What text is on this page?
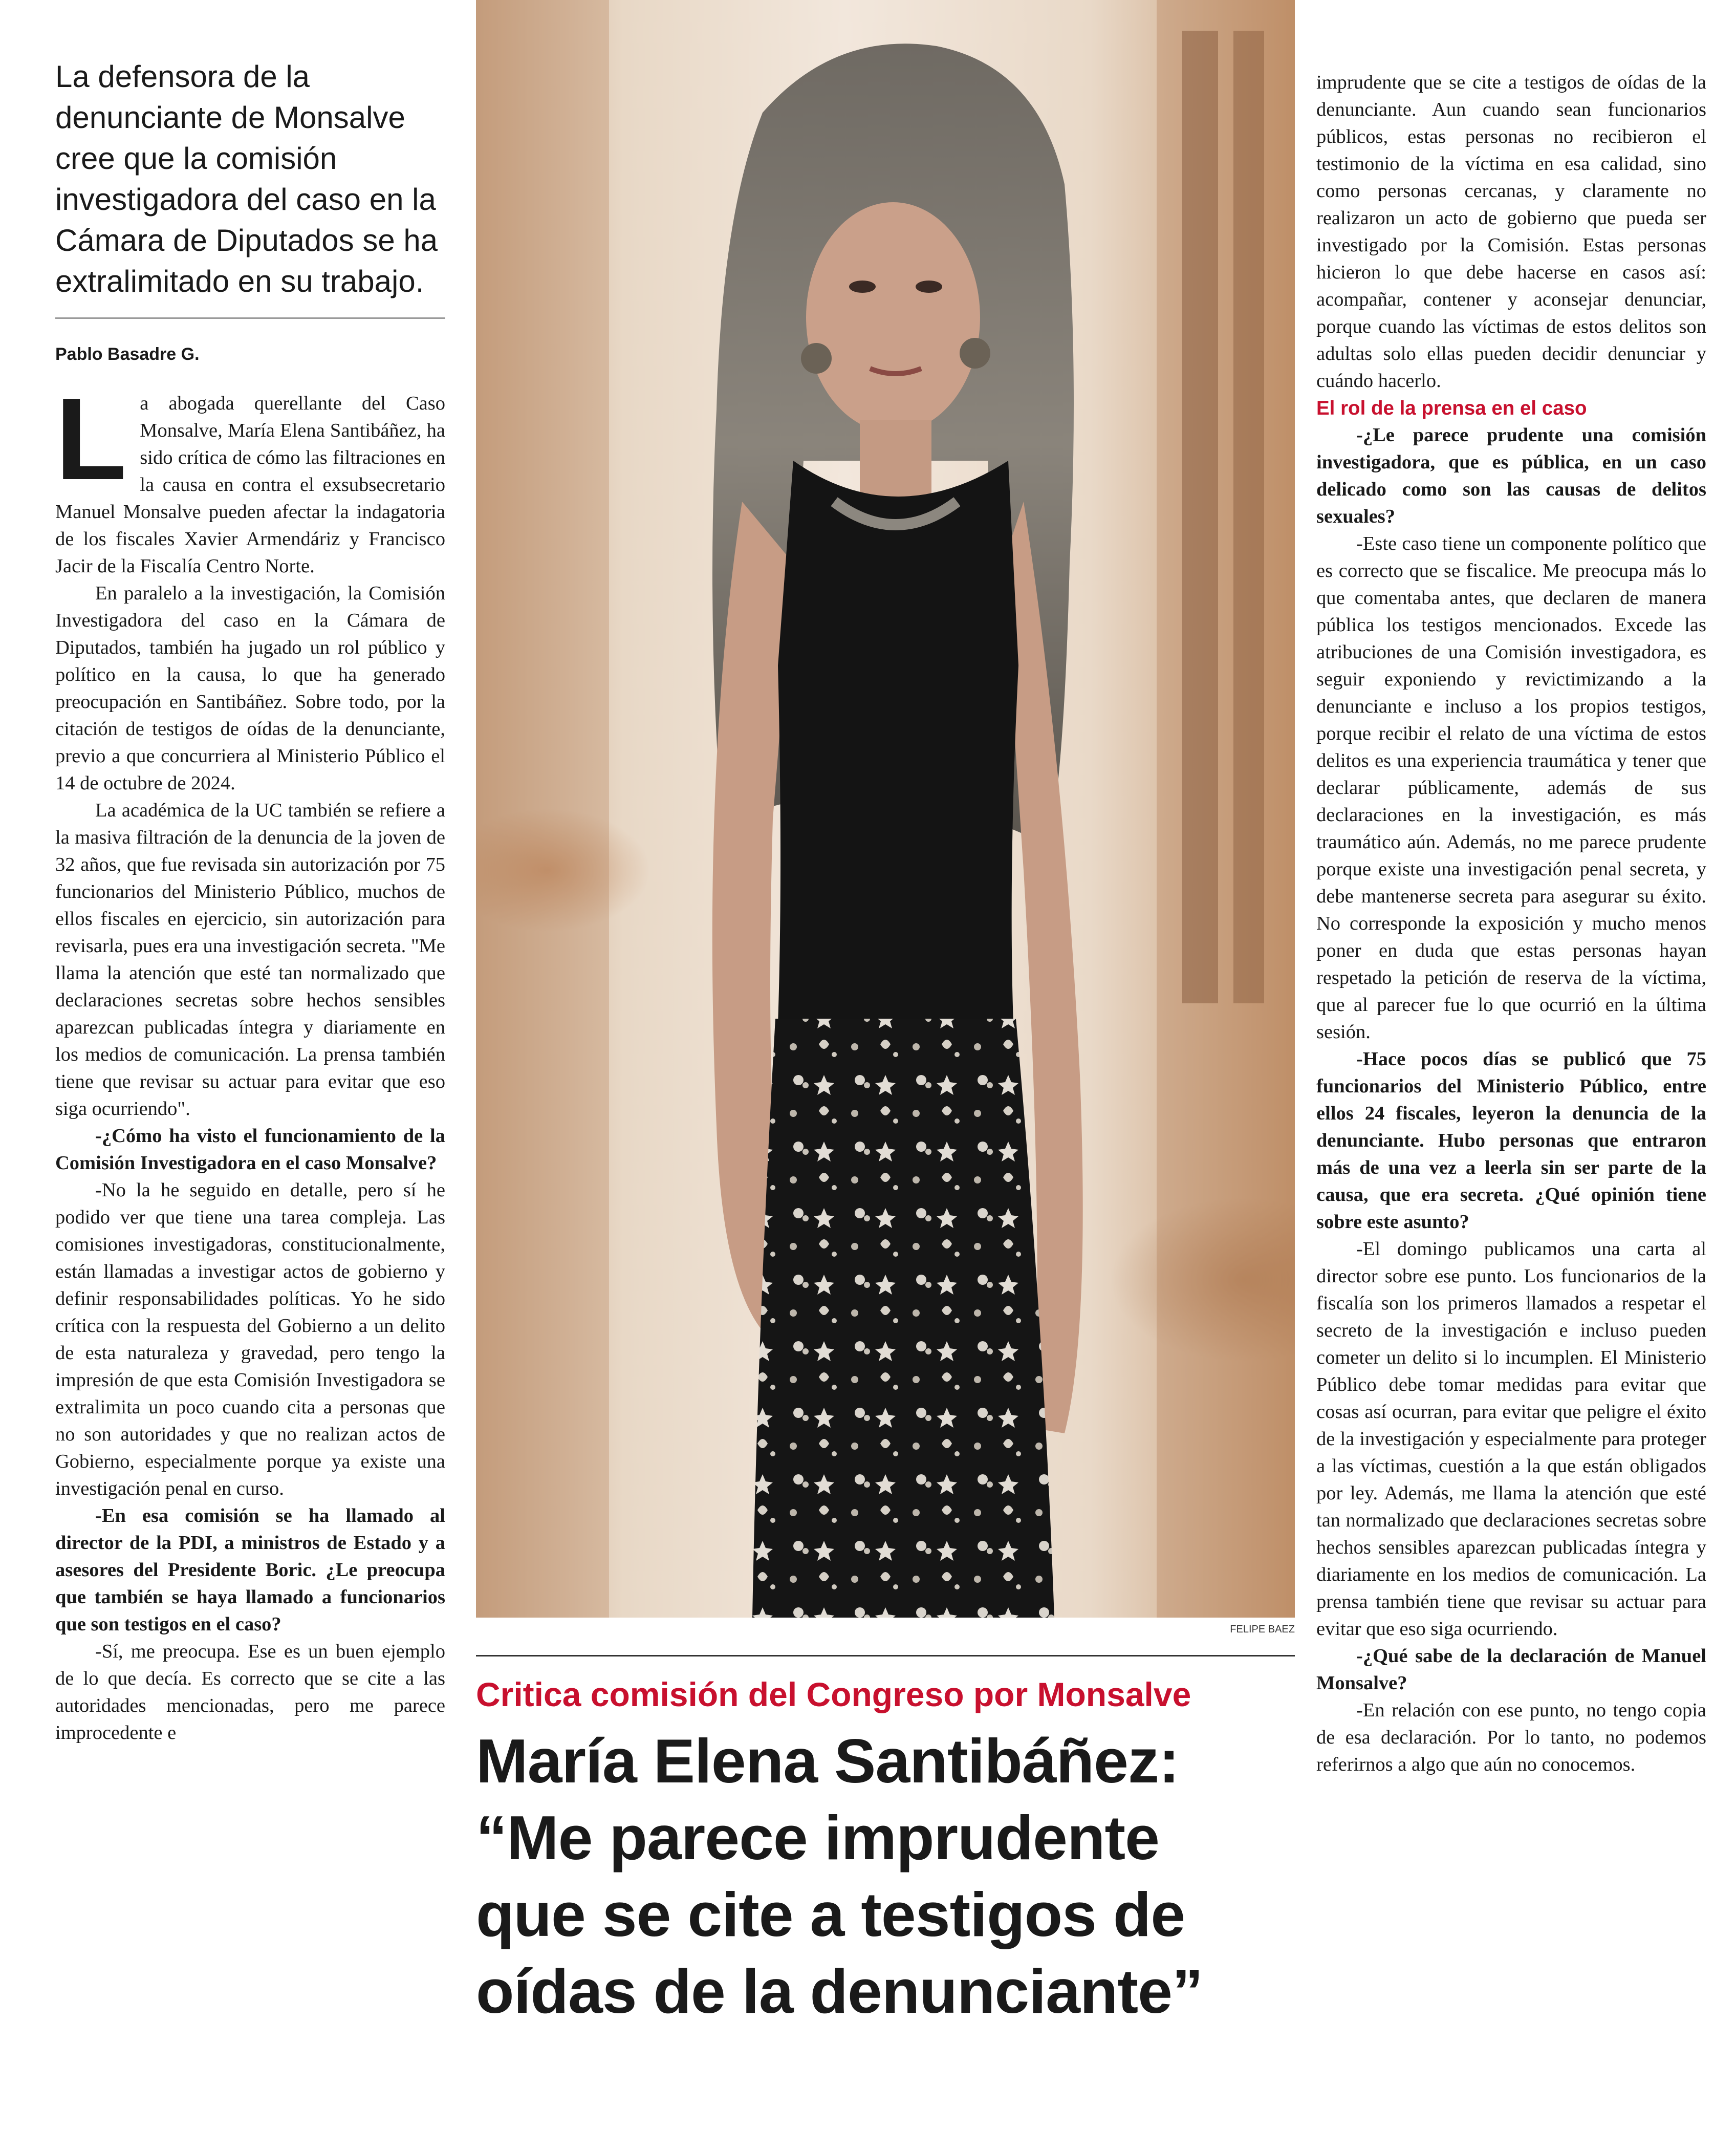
La defensora de la denunciante de Monsalve cree que la comisión investigadora del caso en la Cámara de Diputados se ha extralimitado en su trabajo.

Pablo Basadre G.

La abogada querellante del Caso Monsalve, María Elena Santibáñez, ha sido crítica de cómo las filtraciones en la causa en contra el exsubsecretario Manuel Monsalve pueden afectar la indagatoria de los fiscales Xavier Armendáriz y Francisco Jacir de la Fiscalía Centro Norte.

En paralelo a la investigación, la Comisión Investigadora del caso en la Cámara de Diputados, también ha jugado un rol público y político en la causa, lo que ha generado preocupación en Santibáñez. Sobre todo, por la citación de testigos de oídas de la denunciante, previo a que concurriera al Ministerio Público el 14 de octubre de 2024.

La académica de la UC también se refiere a la masiva filtración de la denuncia de la joven de 32 años, que fue revisada sin autorización por 75 funcionarios del Ministerio Público, muchos de ellos fiscales en ejercicio, sin autorización para revisarla, pues era una investigación secreta. "Me llama la atención que esté tan normalizado que declaraciones secretas sobre hechos sensibles aparezcan publicadas íntegra y diariamente en los medios de comunicación. La prensa también tiene que revisar su actuar para evitar que eso siga ocurriendo".

-¿Cómo ha visto el funcionamiento de la Comisión Investigadora en el caso Monsalve?

-No la he seguido en detalle, pero sí he podido ver que tiene una tarea compleja. Las comisiones investigadoras, constitucionalmente, están llamadas a investigar actos de gobierno y definir responsabilidades políticas. Yo he sido crítica con la respuesta del Gobierno a un delito de esta naturaleza y gravedad, pero tengo la impresión de que esta Comisión Investigadora se extralimita un poco cuando cita a personas que no son autoridades y que no realizan actos de Gobierno, especialmente porque ya existe una investigación penal en curso.

-En esa comisión se ha llamado al director de la PDI, a ministros de Estado y a asesores del Presidente Boric. ¿Le preocupa que también se haya llamado a funcionarios que son testigos en el caso?

-Sí, me preocupa. Ese es un buen ejemplo de lo que decía. Es correcto que se cite a las autoridades mencionadas, pero me parece improcedente e

FELIPE BAEZ
Critica comisión del Congreso por Monsalve
María Elena Santibáñez:
“Me parece imprudente
que se cite a testigos de
oídas de la denunciante”

imprudente que se cite a testigos de oídas de la denunciante. Aun cuando sean funcionarios públicos, estas personas no recibieron el testimonio de la víctima en esa calidad, sino como personas cercanas, y claramente no realizaron un acto de gobierno que pueda ser investigado por la Comisión. Estas personas hicieron lo que debe hacerse en casos así: acompañar, contener y aconsejar denunciar, porque cuando las víctimas de estos delitos son adultas solo ellas pueden decidir denunciar y cuándo hacerlo.

El rol de la prensa en el caso

-¿Le parece prudente una comisión investigadora, que es pública, en un caso delicado como son las causas de delitos sexuales?

-Este caso tiene un componente político que es correcto que se fiscalice. Me preocupa más lo que comentaba antes, que declaren de manera pública los testigos mencionados. Excede las atribuciones de una Comisión investigadora, es seguir exponiendo y revictimizando a la denunciante e incluso a los propios testigos, porque recibir el relato de una víctima de estos delitos es una experiencia traumática y tener que declarar públicamente, además de sus declaraciones en la investigación, es más traumático aún. Además, no me parece prudente porque existe una investigación penal secreta, y debe mantenerse secreta para asegurar su éxito. No corresponde la exposición y mucho menos poner en duda que estas personas hayan respetado la petición de reserva de la víctima, que al parecer fue lo que ocurrió en la última sesión.

-Hace pocos días se publicó que 75 funcionarios del Ministerio Público, entre ellos 24 fiscales, leyeron la denuncia de la denunciante. Hubo personas que entraron más de una vez a leerla sin ser parte de la causa, que era secreta. ¿Qué opinión tiene sobre este asunto?

-El domingo publicamos una carta al director sobre ese punto. Los funcionarios de la fiscalía son los primeros llamados a respetar el secreto de la investigación e incluso pueden cometer un delito si lo incumplen. El Ministerio Público debe tomar medidas para evitar que cosas así ocurran, para evitar que peligre el éxito de la investigación y especialmente para proteger a las víctimas, cuestión a la que están obligados por ley. Además, me llama la atención que esté tan normalizado que declaraciones secretas sobre hechos sensibles aparezcan publicadas íntegra y diariamente en los medios de comunicación. La prensa también tiene que revisar su actuar para evitar que eso siga ocurriendo.

-¿Qué sabe de la declaración de Manuel Monsalve?

-En relación con ese punto, no tengo copia de esa declaración. Por lo tanto, no podemos referirnos a algo que aún no conocemos.
